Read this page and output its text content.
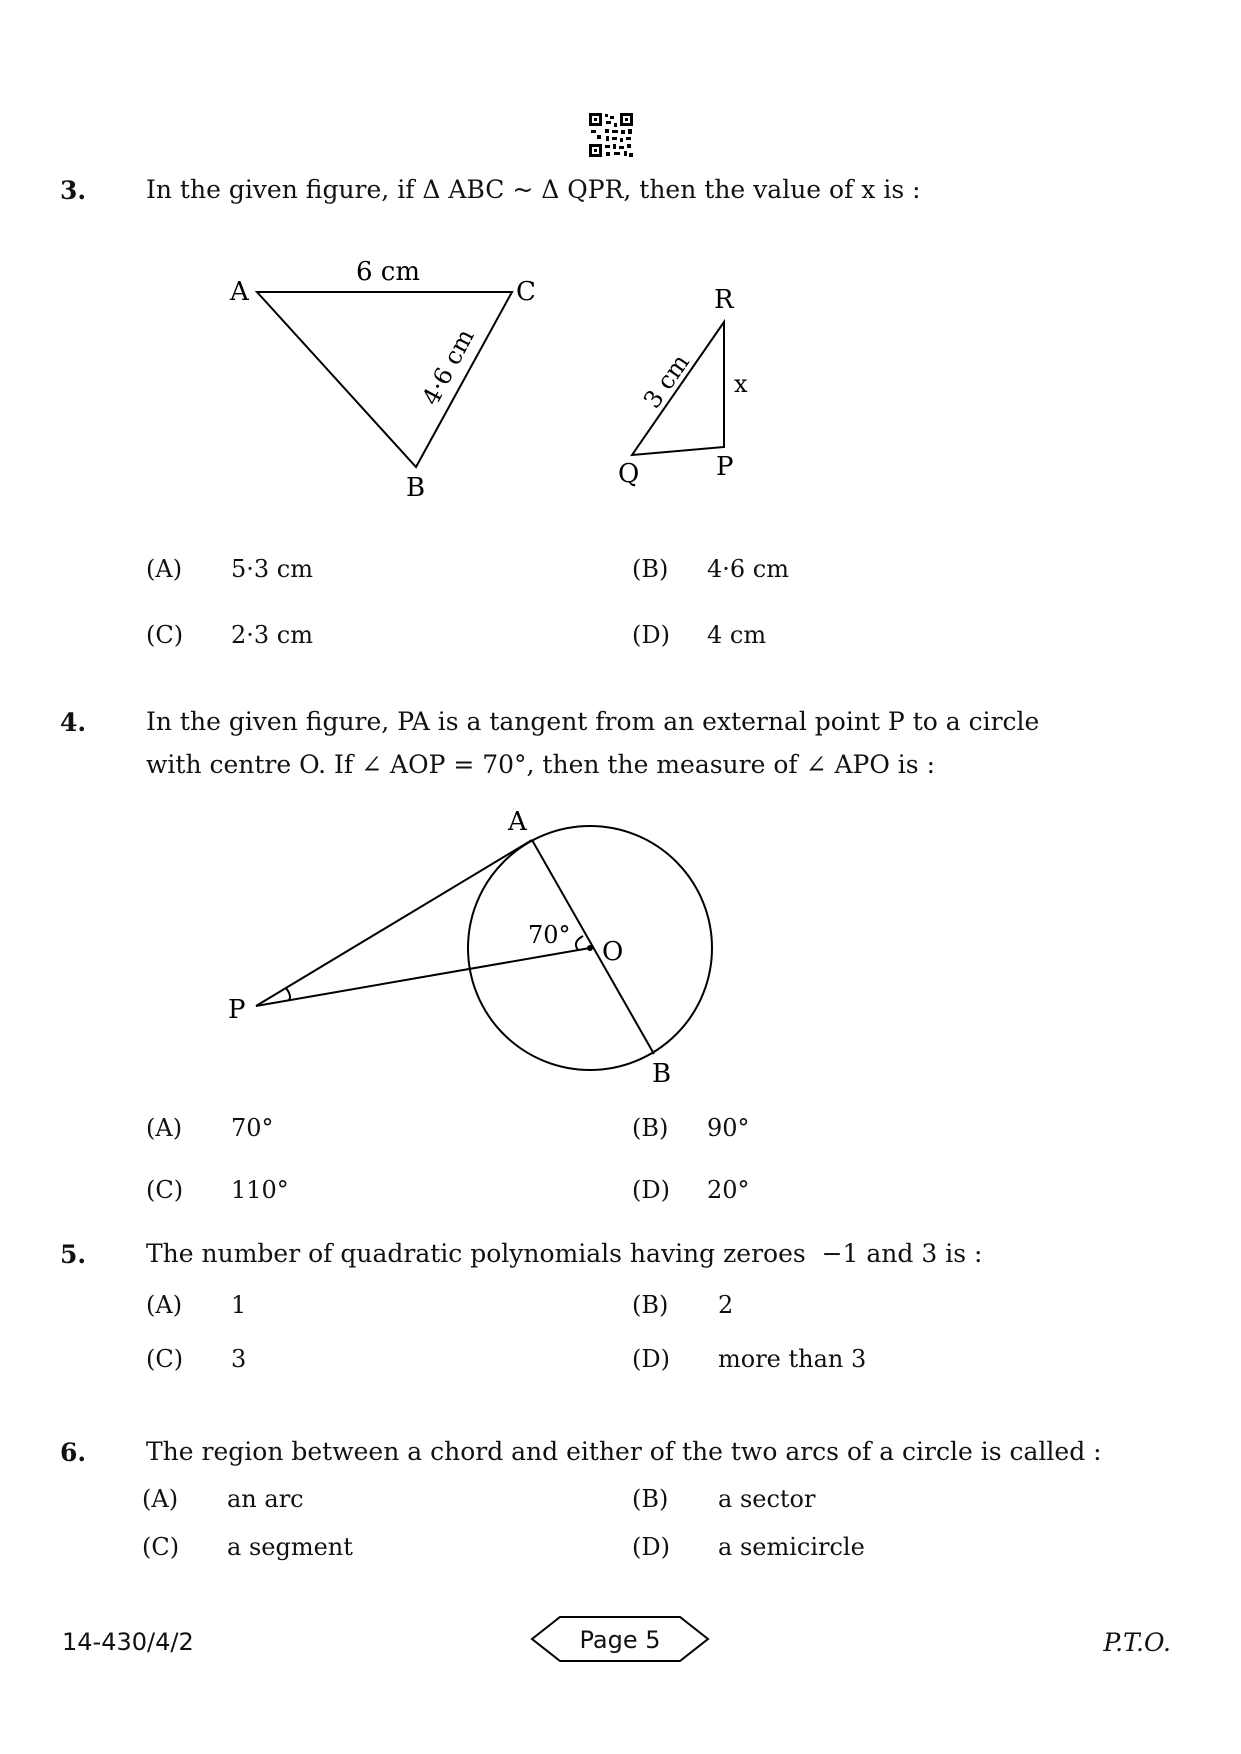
3. In the given figure, if Δ ABC ~ Δ QPR, then the value of x is :
A	C
B
6 cm
4·6 cm
R
Q	P
3 cm x
(A) 5·3 cm	(B) 4·6 cm
(C) 2·3 cm	(D) 4 cm
4. In the given figure, PA is a tangent from an external point P to a circle
with centre O. If ∠ AOP = 70°, then the measure of ∠ APO is :
A
O
B
P
70°
(A) 70°	(B) 90°
(C) 110°	(D) 20°
5. The number of quadratic polynomials having zeroes  −1 and 3 is :
(A) 1	(B) 2
(C) 3	(D) more than 3
6. The region between a chord and either of the two arcs of a circle is called :
(A) an arc	(B) a sector
(C) a segment	(D) a semicircle
14-430/4/2	Page 5	P.T.O.
